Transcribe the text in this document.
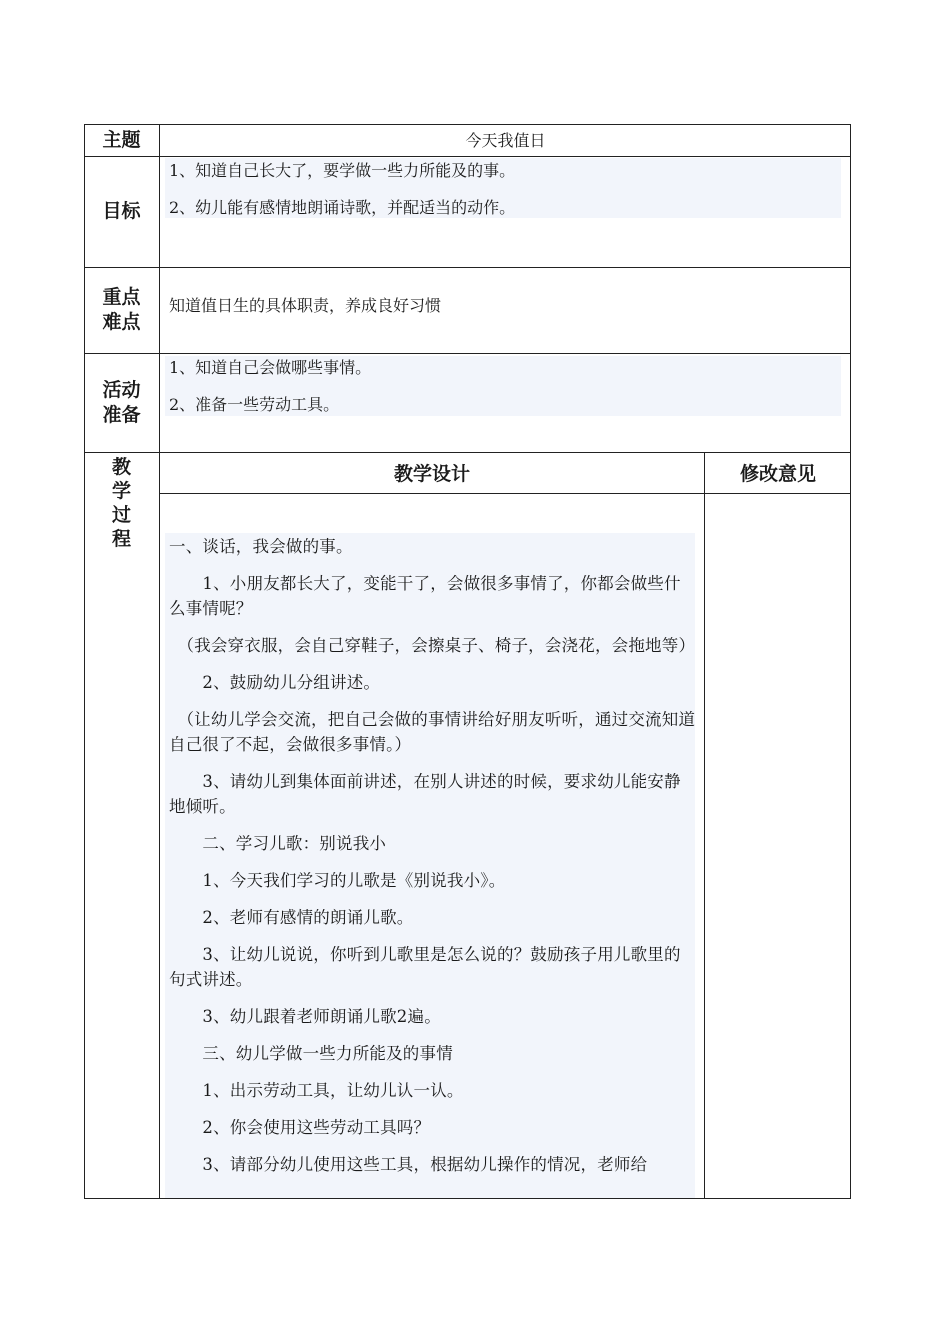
主题	今天我值日
目标
1、知道自己长大了，要学做一些力所能及的事。
2、幼儿能有感情地朗诵诗歌，并配适当的动作。
重点
难点
知道值日生的具体职责，养成良好习惯
活动
准备
1、知道自己会做哪些事情。
2、准备一些劳动工具。
教
学
过
程
教学设计	修改意见
一、谈话，我会做的事。
　　1、小朋友都长大了，变能干了，会做很多事情了，你都会做些什么事情呢？
　（我会穿衣服，会自己穿鞋子，会擦桌子、椅子，会浇花，会拖地等）
　　2、鼓励幼儿分组讲述。
　（让幼儿学会交流，把自己会做的事情讲给好朋友听听，通过交流知道自己很了不起，会做很多事情。）
　　3、请幼儿到集体面前讲述，在别人讲述的时候，要求幼儿能安静地倾听。
　　二、学习儿歌：别说我小
　　1、今天我们学习的儿歌是《别说我小》。
　　2、老师有感情的朗诵儿歌。
　　3、让幼儿说说，你听到儿歌里是怎么说的？鼓励孩子用儿歌里的句式讲述。
　　3、幼儿跟着老师朗诵儿歌2遍。
　　三、幼儿学做一些力所能及的事情
　　1、出示劳动工具，让幼儿认一认。
　　2、你会使用这些劳动工具吗？
　　3、请部分幼儿使用这些工具，根据幼儿操作的情况，老师给
